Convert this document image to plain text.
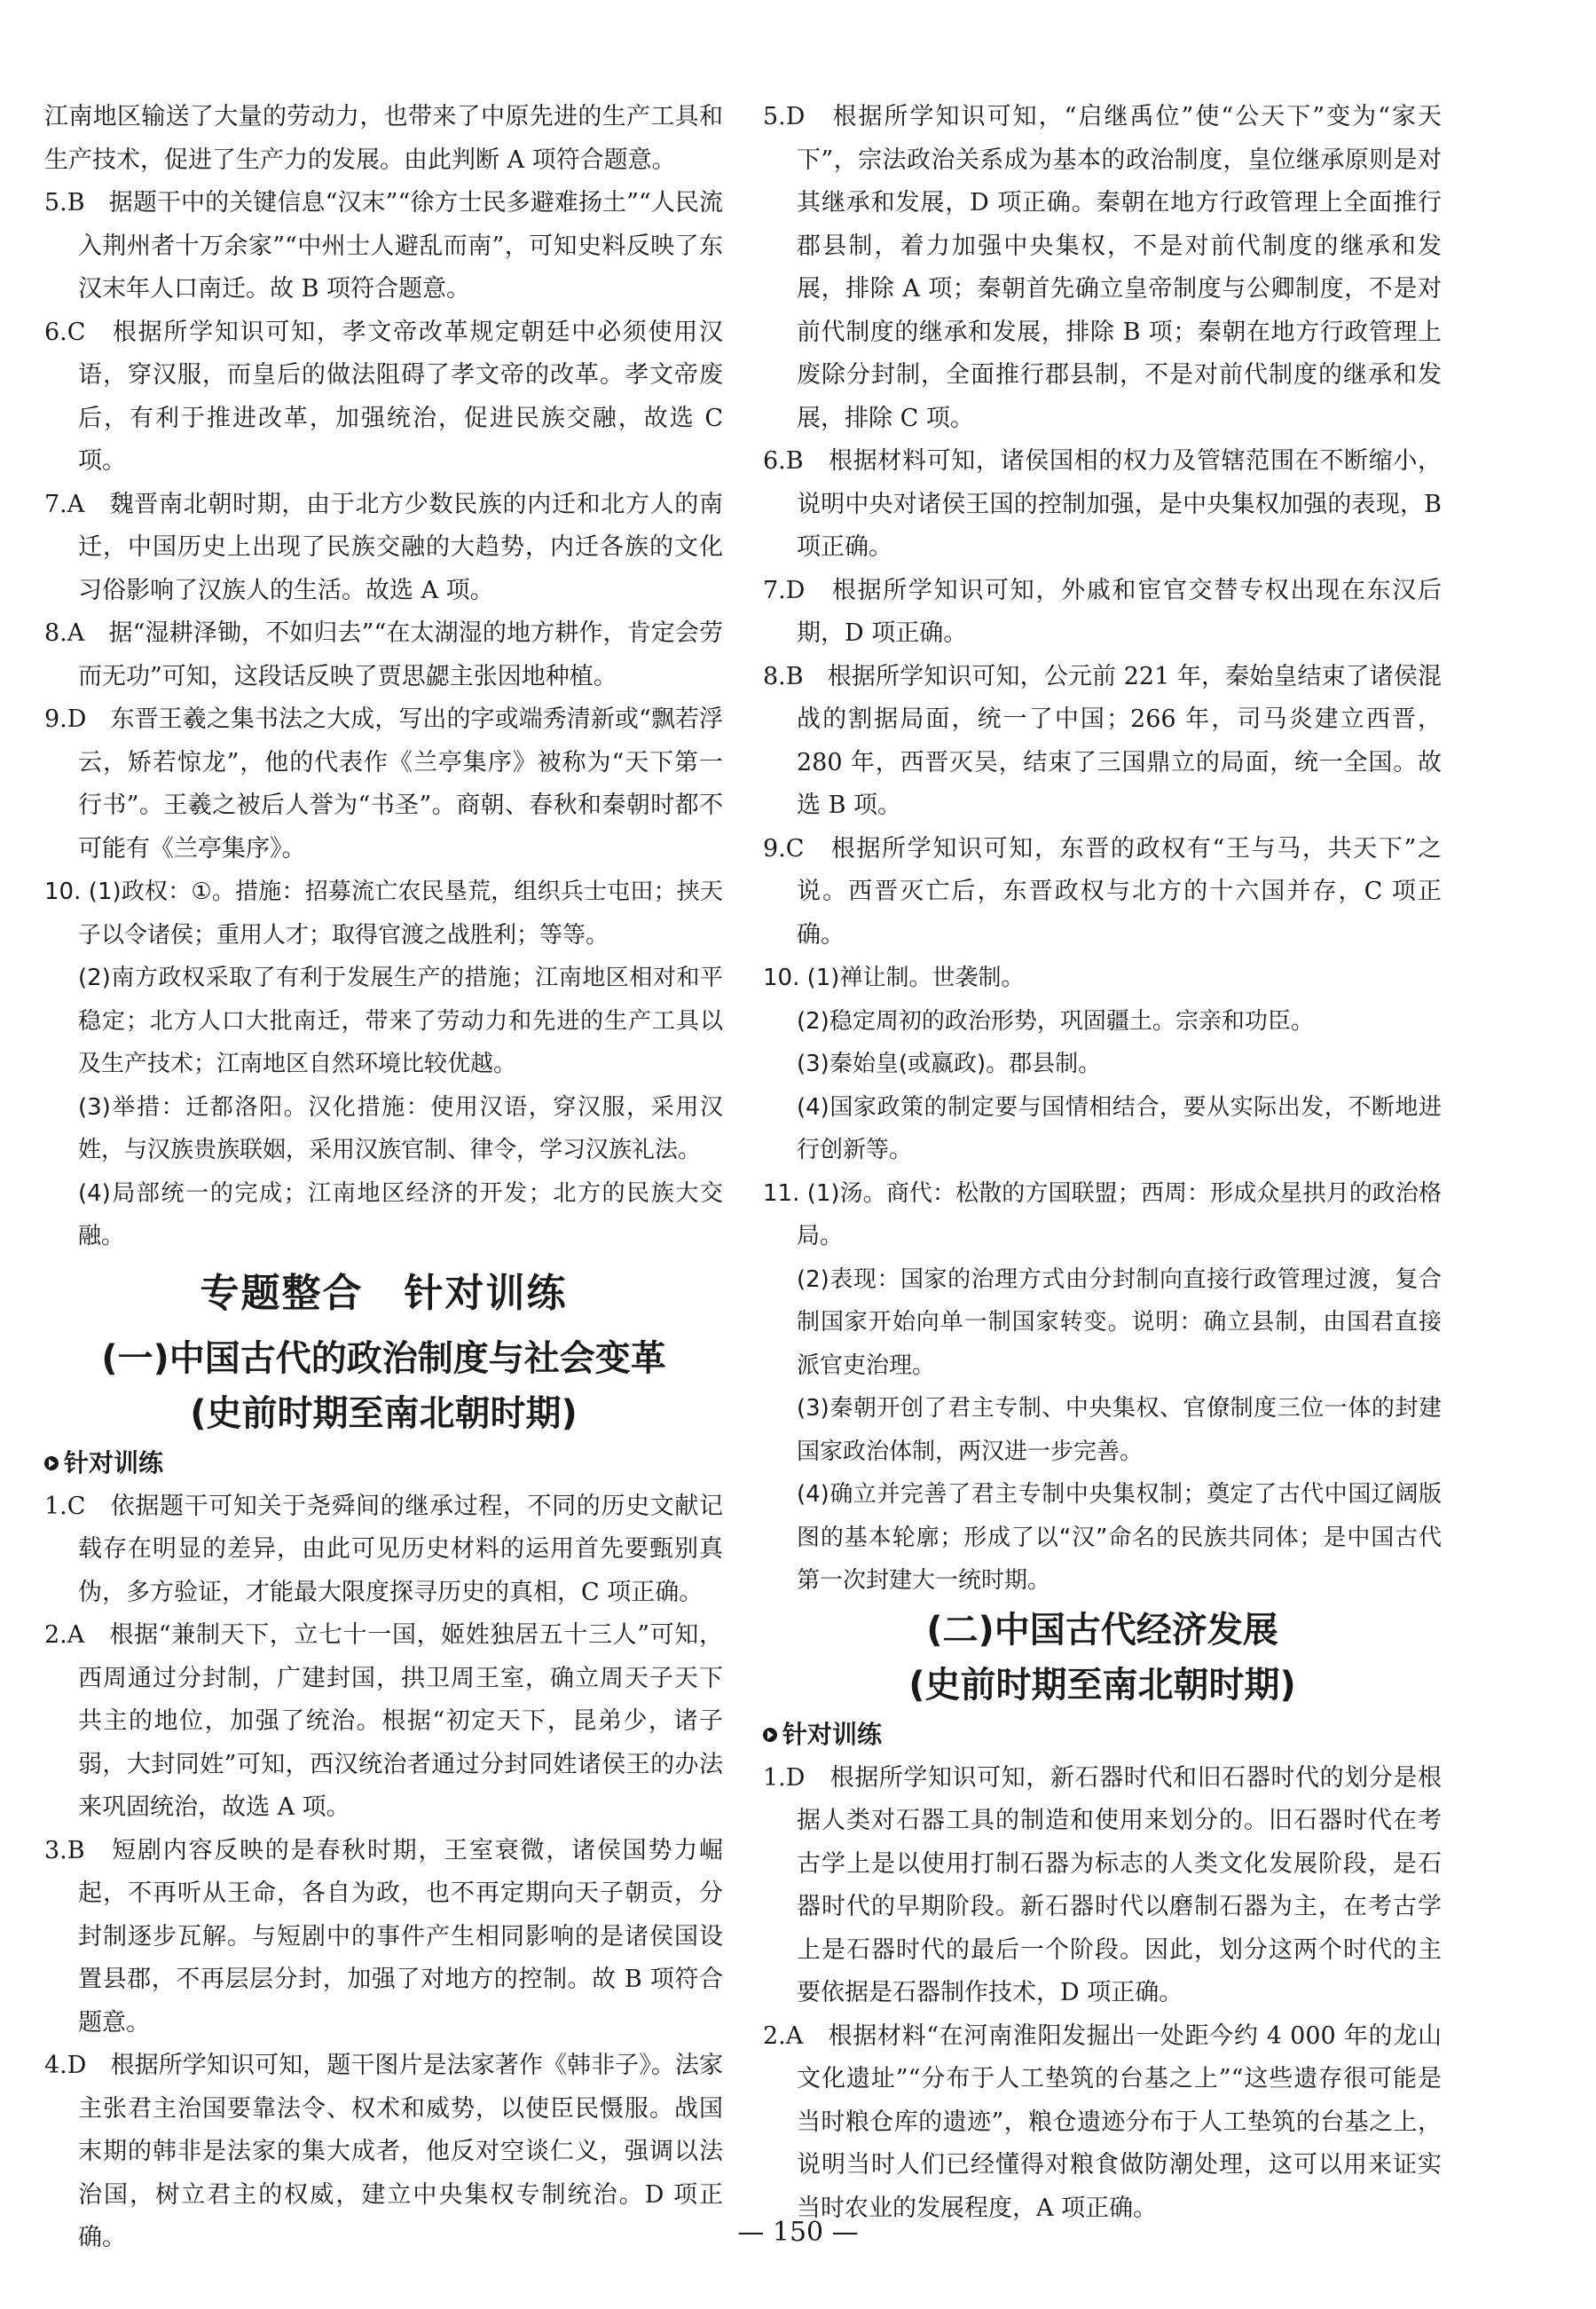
江南地区输送了大量的劳动力，也带来了中原先进的生产工具和生产技术，促进了生产力的发展。由此判断 A 项符合题意。

5.B　据题干中的关键信息“汉末”“徐方士民多避难扬土”“人民流入荆州者十万余家”“中州士人避乱而南”，可知史料反映了东汉末年人口南迁。故 B 项符合题意。

6.C　根据所学知识可知，孝文帝改革规定朝廷中必须使用汉语，穿汉服，而皇后的做法阻碍了孝文帝的改革。孝文帝废后，有利于推进改革，加强统治，促进民族交融，故选 C 项。

7.A　魏晋南北朝时期，由于北方少数民族的内迁和北方人的南迁，中国历史上出现了民族交融的大趋势，内迁各族的文化习俗影响了汉族人的生活。故选 A 项。

8.A　据“湿耕泽锄，不如归去”“在太湖湿的地方耕作，肯定会劳而无功”可知，这段话反映了贾思勰主张因地种植。

9.D　东晋王羲之集书法之大成，写出的字或端秀清新或“飘若浮云，矫若惊龙”，他的代表作《兰亭集序》被称为“天下第一行书”。王羲之被后人誉为“书圣”。商朝、春秋和秦朝时都不可能有《兰亭集序》。

10. (1)政权：①。措施：招募流亡农民垦荒，组织兵士屯田；挟天子以令诸侯；重用人才；取得官渡之战胜利；等等。

(2)南方政权采取了有利于发展生产的措施；江南地区相对和平稳定；北方人口大批南迁，带来了劳动力和先进的生产工具以及生产技术；江南地区自然环境比较优越。

(3)举措：迁都洛阳。汉化措施：使用汉语，穿汉服，采用汉姓，与汉族贵族联姻，采用汉族官制、律令，学习汉族礼法。

(4)局部统一的完成；江南地区经济的开发；北方的民族大交融。

专题整合　针对训练
(一)中国古代的政治制度与社会变革
(史前时期至南北朝时期)
针对训练

1.C　依据题干可知关于尧舜间的继承过程，不同的历史文献记载存在明显的差异，由此可见历史材料的运用首先要甄别真伪，多方验证，才能最大限度探寻历史的真相，C 项正确。

2.A　根据“兼制天下，立七十一国，姬姓独居五十三人”可知，西周通过分封制，广建封国，拱卫周王室，确立周天子天下共主的地位，加强了统治。根据“初定天下，昆弟少，诸子弱，大封同姓”可知，西汉统治者通过分封同姓诸侯王的办法来巩固统治，故选 A 项。

3.B　短剧内容反映的是春秋时期，王室衰微，诸侯国势力崛起，不再听从王命，各自为政，也不再定期向天子朝贡，分封制逐步瓦解。与短剧中的事件产生相同影响的是诸侯国设置县郡，不再层层分封，加强了对地方的控制。故 B 项符合题意。

4.D　根据所学知识可知，题干图片是法家著作《韩非子》。法家主张君主治国要靠法令、权术和威势，以使臣民慑服。战国末期的韩非是法家的集大成者，他反对空谈仁义，强调以法治国，树立君主的权威，建立中央集权专制统治。D 项正确。

5.D　根据所学知识可知，“启继禹位”使“公天下”变为“家天下”，宗法政治关系成为基本的政治制度，皇位继承原则是对其继承和发展，D 项正确。秦朝在地方行政管理上全面推行郡县制，着力加强中央集权，不是对前代制度的继承和发展，排除 A 项；秦朝首先确立皇帝制度与公卿制度，不是对前代制度的继承和发展，排除 B 项；秦朝在地方行政管理上废除分封制，全面推行郡县制，不是对前代制度的继承和发展，排除 C 项。

6.B　根据材料可知，诸侯国相的权力及管辖范围在不断缩小，说明中央对诸侯王国的控制加强，是中央集权加强的表现，B 项正确。

7.D　根据所学知识可知，外戚和宦官交替专权出现在东汉后期，D 项正确。

8.B　根据所学知识可知，公元前 221 年，秦始皇结束了诸侯混战的割据局面，统一了中国；266 年，司马炎建立西晋，280 年，西晋灭吴，结束了三国鼎立的局面，统一全国。故选 B 项。

9.C　根据所学知识可知，东晋的政权有“王与马，共天下”之说。西晋灭亡后，东晋政权与北方的十六国并存，C 项正确。

10. (1)禅让制。世袭制。

(2)稳定周初的政治形势，巩固疆土。宗亲和功臣。

(3)秦始皇(或嬴政)。郡县制。

(4)国家政策的制定要与国情相结合，要从实际出发，不断地进行创新等。

11. (1)汤。商代：松散的方国联盟；西周：形成众星拱月的政治格局。

(2)表现：国家的治理方式由分封制向直接行政管理过渡，复合制国家开始向单一制国家转变。说明：确立县制，由国君直接派官吏治理。

(3)秦朝开创了君主专制、中央集权、官僚制度三位一体的封建国家政治体制，两汉进一步完善。

(4)确立并完善了君主专制中央集权制；奠定了古代中国辽阔版图的基本轮廓；形成了以“汉”命名的民族共同体；是中国古代第一次封建大一统时期。

(二)中国古代经济发展
(史前时期至南北朝时期)
针对训练

1.D　根据所学知识可知，新石器时代和旧石器时代的划分是根据人类对石器工具的制造和使用来划分的。旧石器时代在考古学上是以使用打制石器为标志的人类文化发展阶段，是石器时代的早期阶段。新石器时代以磨制石器为主，在考古学上是石器时代的最后一个阶段。因此，划分这两个时代的主要依据是石器制作技术，D 项正确。

2.A　根据材料“在河南淮阳发掘出一处距今约 4 000 年的龙山文化遗址”“分布于人工垫筑的台基之上”“这些遗存很可能是当时粮仓库的遗迹”，粮仓遗迹分布于人工垫筑的台基之上，说明当时人们已经懂得对粮食做防潮处理，这可以用来证实当时农业的发展程度，A 项正确。

— 150 —
